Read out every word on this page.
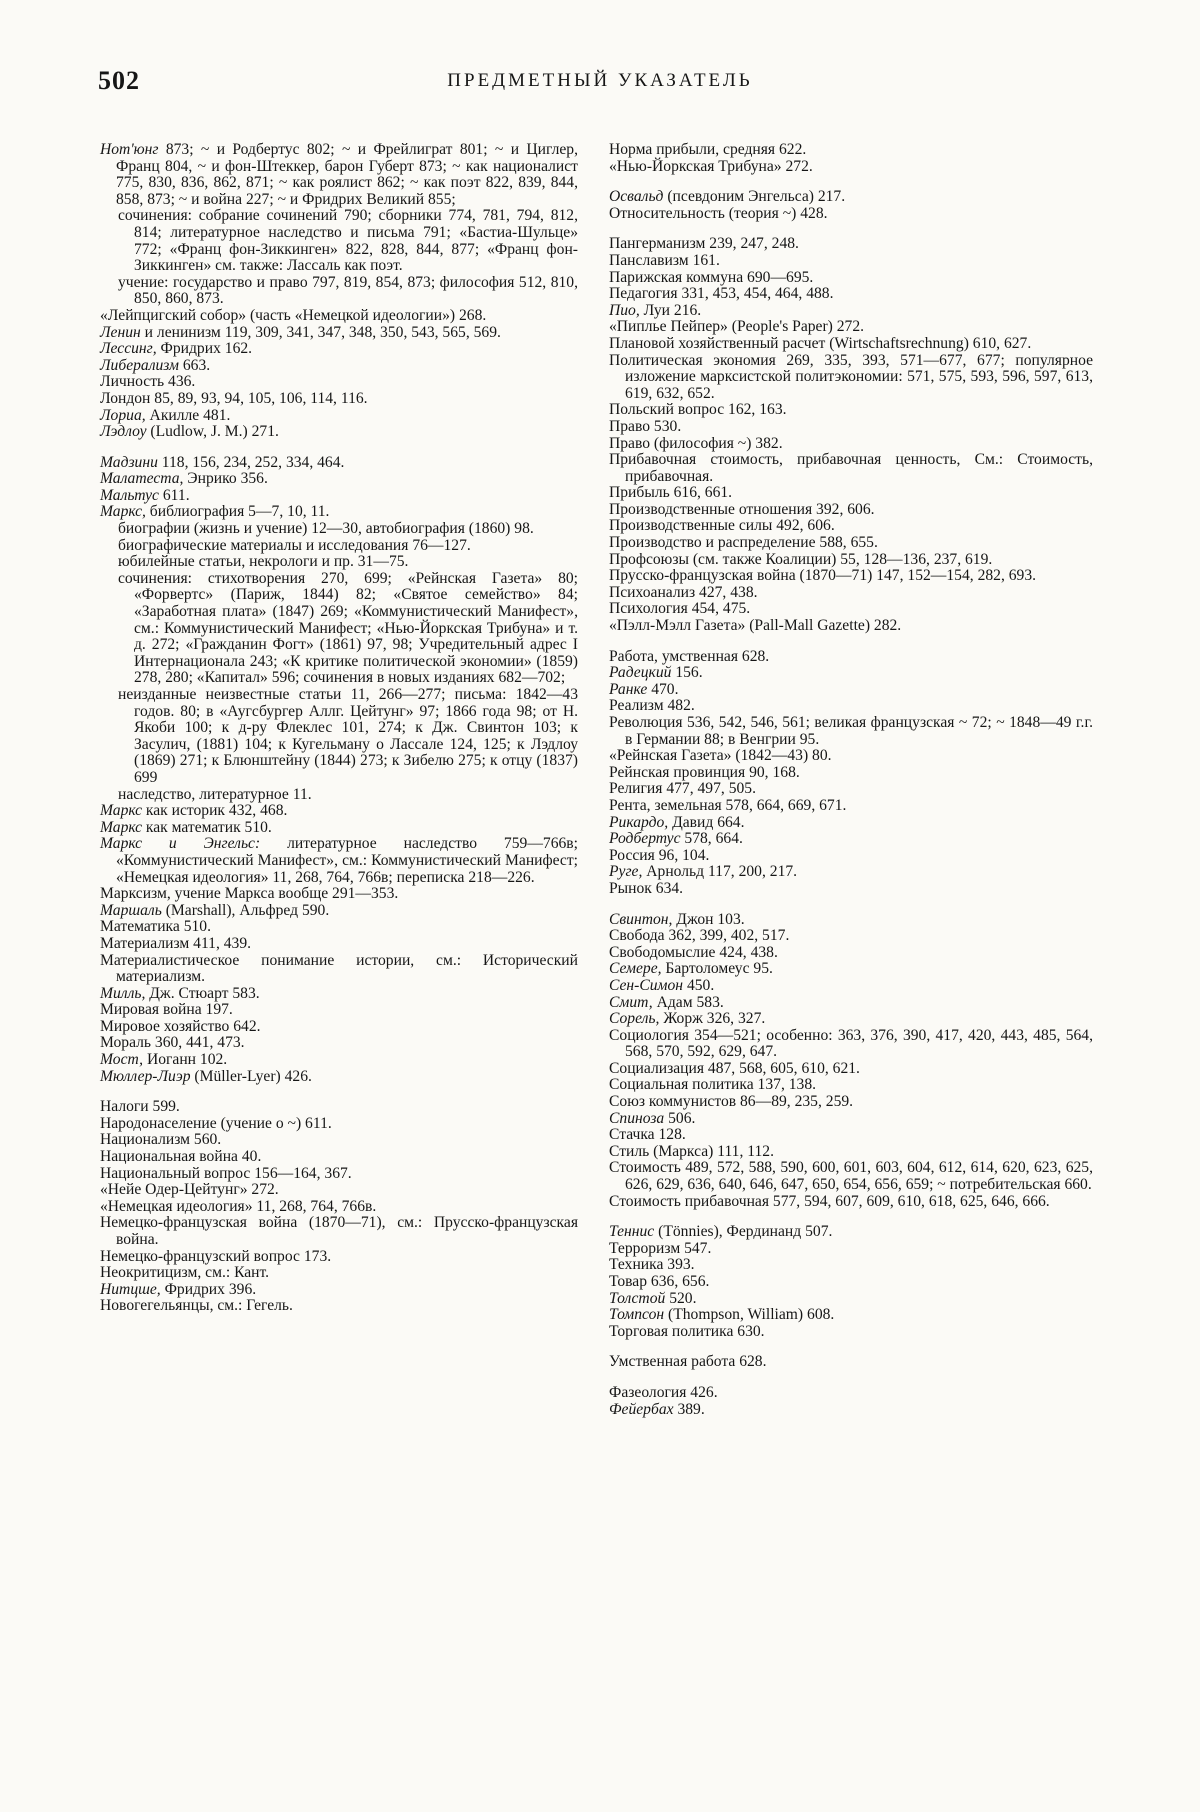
502	ПРЕДМЕТНЫЙ УКАЗАТЕЛЬ

Нот'юнг 873; ~ и Родбертус 802; ~ и Фрейлиграт 801; ~ и Циглер, Франц 804, ~ и фон-Штеккер, барон Губерт 873; ~ как националист 775, 830, 836, 862, 871; ~ как роялист 862; ~ как поэт 822, 839, 844, 858, 873; ~ и война 227; ~ и Фридрих Великий 855;

сочинения: собрание сочинений 790; сборники 774, 781, 794, 812, 814; литературное наследство и письма 791; «Бастиа-Шульце» 772; «Франц фон-Зиккинген» 822, 828, 844, 877; «Франц фон-Зиккинген» см. также: Лассаль как поэт.

учение: государство и право 797, 819, 854, 873; философия 512, 810, 850, 860, 873.

«Лейпцигский собор» (часть «Немецкой идеологии») 268.

Ленин и ленинизм 119, 309, 341, 347, 348, 350, 543, 565, 569.

Лессинг, Фридрих 162.

Либерализм 663.

Личность 436.

Лондон 85, 89, 93, 94, 105, 106, 114, 116.

Лориа, Акилле 481.

Лэдлоу (Ludlow, J. M.) 271.

Мадзини 118, 156, 234, 252, 334, 464.

Малатеста, Энрико 356.

Мальтус 611.

Маркс, библиография 5—7, 10, 11.

биографии (жизнь и учение) 12—30, автобиография (1860) 98.

биографические материалы и исследования 76—127.

юбилейные статьи, некрологи и пр. 31—75.

сочинения: стихотворения 270, 699; «Рейнская Газета» 80; «Форвертс» (Париж, 1844) 82; «Святое семейство» 84; «Заработная плата» (1847) 269; «Коммунистический Манифест», см.: Коммунистический Манифест; «Нью-Йоркская Трибуна» и т. д. 272; «Гражданин Фогт» (1861) 97, 98; Учредительный адрес I Интернационала 243; «К критике политической экономии» (1859) 278, 280; «Капитал» 596; сочинения в новых изданиях 682—702;

неизданные неизвестные статьи 11, 266—277; письма: 1842—43 годов. 80; в «Аугсбургер Аллг. Цейтунг» 97; 1866 года 98; от Н. Якоби 100; к д-ру Флеклес 101, 274; к Дж. Свинтон 103; к Засулич, (1881) 104; к Кугельману о Лассале 124, 125; к Лэдлоу (1869) 271; к Блюнштейну (1844) 273; к Зибелю 275; к отцу (1837) 699

наследство, литературное 11.

Маркс как историк 432, 468.

Маркс как математик 510.

Маркс и Энгельс: литературное наследство 759—766в; «Коммунистический Манифест», см.: Коммунистический Манифест; «Немецкая идеология» 11, 268, 764, 766в; переписка 218—226.

Марксизм, учение Маркса вообще 291—353.

Маршаль (Marshall), Альфред 590.

Математика 510.

Материализм 411, 439.

Материалистическое понимание истории, см.: Исторический материализм.

Милль, Дж. Стюарт 583.

Мировая война 197.

Мировое хозяйство 642.

Мораль 360, 441, 473.

Мост, Иоганн 102.

Мюллер-Лиэр (Müller-Lyer) 426.

Налоги 599.

Народонаселение (учение о ~) 611.

Национализм 560.

Национальная война 40.

Национальный вопрос 156—164, 367.

«Нейе Одер-Цейтунг» 272.

«Немецкая идеология» 11, 268, 764, 766в.

Немецко-французская война (1870—71), см.: Прусско-французская война.

Немецко-французский вопрос 173.

Неокритицизм, см.: Кант.

Нитцше, Фридрих 396.

Новогегельянцы, см.: Гегель.

Норма прибыли, средняя 622.

«Нью-Йоркская Трибуна» 272.

Освальд (псевдоним Энгельса) 217.

Относительность (теория ~) 428.

Пангерманизм 239, 247, 248.

Панславизм 161.

Парижская коммуна 690—695.

Педагогия 331, 453, 454, 464, 488.

Пио, Луи 216.

«Пиплье Пейпер» (People's Paper) 272.

Плановой хозяйственный расчет (Wirtschaftsrechnung) 610, 627.

Политическая экономия 269, 335, 393, 571—677, 677; популярное изложение марксистской политэкономии: 571, 575, 593, 596, 597, 613, 619, 632, 652.

Польский вопрос 162, 163.

Право 530.

Право (философия ~) 382.

Прибавочная стоимость, прибавочная ценность, См.: Стоимость, прибавочная.

Прибыль 616, 661.

Производственные отношения 392, 606.

Производственные силы 492, 606.

Производство и распределение 588, 655.

Профсоюзы (см. также Коалиции) 55, 128—136, 237, 619.

Прусско-французская война (1870—71) 147, 152—154, 282, 693.

Психоанализ 427, 438.

Психология 454, 475.

«Пэлл-Мэлл Газета» (Pall-Mall Gazette) 282.

Работа, умственная 628.

Радецкий 156.

Ранке 470.

Реализм 482.

Революция 536, 542, 546, 561; великая французская ~ 72; ~ 1848—49 г.г. в Германии 88; в Венгрии 95.

«Рейнская Газета» (1842—43) 80.

Рейнская провинция 90, 168.

Религия 477, 497, 505.

Рента, земельная 578, 664, 669, 671.

Рикардо, Давид 664.

Родбертус 578, 664.

Россия 96, 104.

Руге, Арнольд 117, 200, 217.

Рынок 634.

Свинтон, Джон 103.

Свобода 362, 399, 402, 517.

Свободомыслие 424, 438.

Семере, Бартоломеус 95.

Сен-Симон 450.

Смит, Адам 583.

Сорель, Жорж 326, 327.

Социология 354—521; особенно: 363, 376, 390, 417, 420, 443, 485, 564, 568, 570, 592, 629, 647.

Социализация 487, 568, 605, 610, 621.

Социальная политика 137, 138.

Союз коммунистов 86—89, 235, 259.

Спиноза 506.

Стачка 128.

Стиль (Маркса) 111, 112.

Стоимость 489, 572, 588, 590, 600, 601, 603, 604, 612, 614, 620, 623, 625, 626, 629, 636, 640, 646, 647, 650, 654, 656, 659; ~ потребительская 660.

Стоимость прибавочная 577, 594, 607, 609, 610, 618, 625, 646, 666.

Теннис (Tönnies), Фердинанд 507.

Терроризм 547.

Техника 393.

Товар 636, 656.

Толстой 520.

Томпсон (Thompson, William) 608.

Торговая политика 630.

Умственная работа 628.

Фазеология 426.

Фейербах 389.
